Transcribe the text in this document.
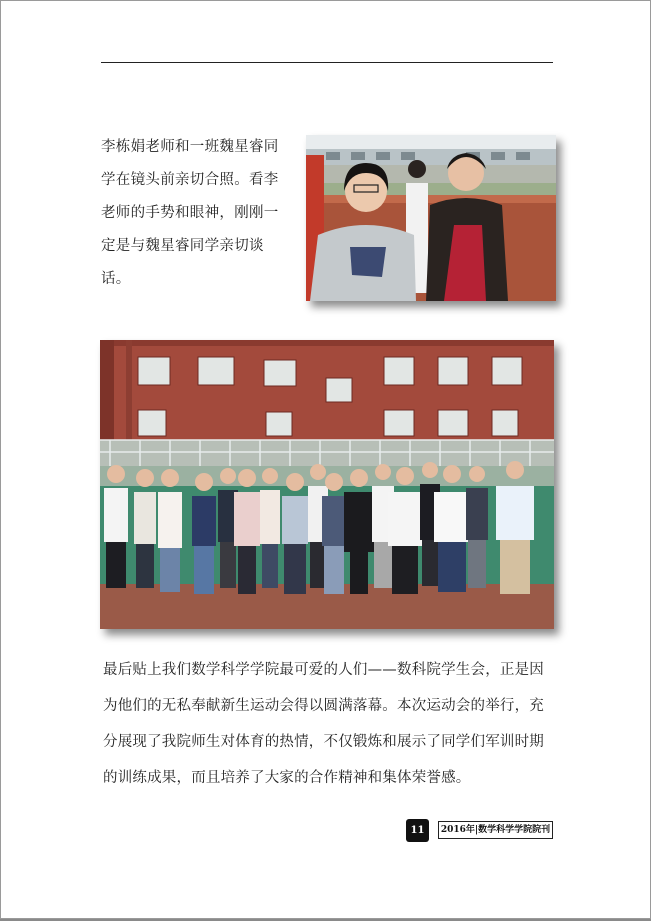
李栋娟老师和一班魏星睿同学在镜头前亲切合照。看李老师的手势和眼神，刚刚一定是与魏星睿同学亲切谈话。
最后贴上我们数学科学学院最可爱的人们——数科院学生会，正是因为他们的无私奉献新生运动会得以圆满落幕。本次运动会的举行，充分展现了我院师生对体育的热情，不仅锻炼和展示了同学们军训时期的训练成果，而且培养了大家的合作精神和集体荣誉感。
11	2016年|数学科学学院院刊
